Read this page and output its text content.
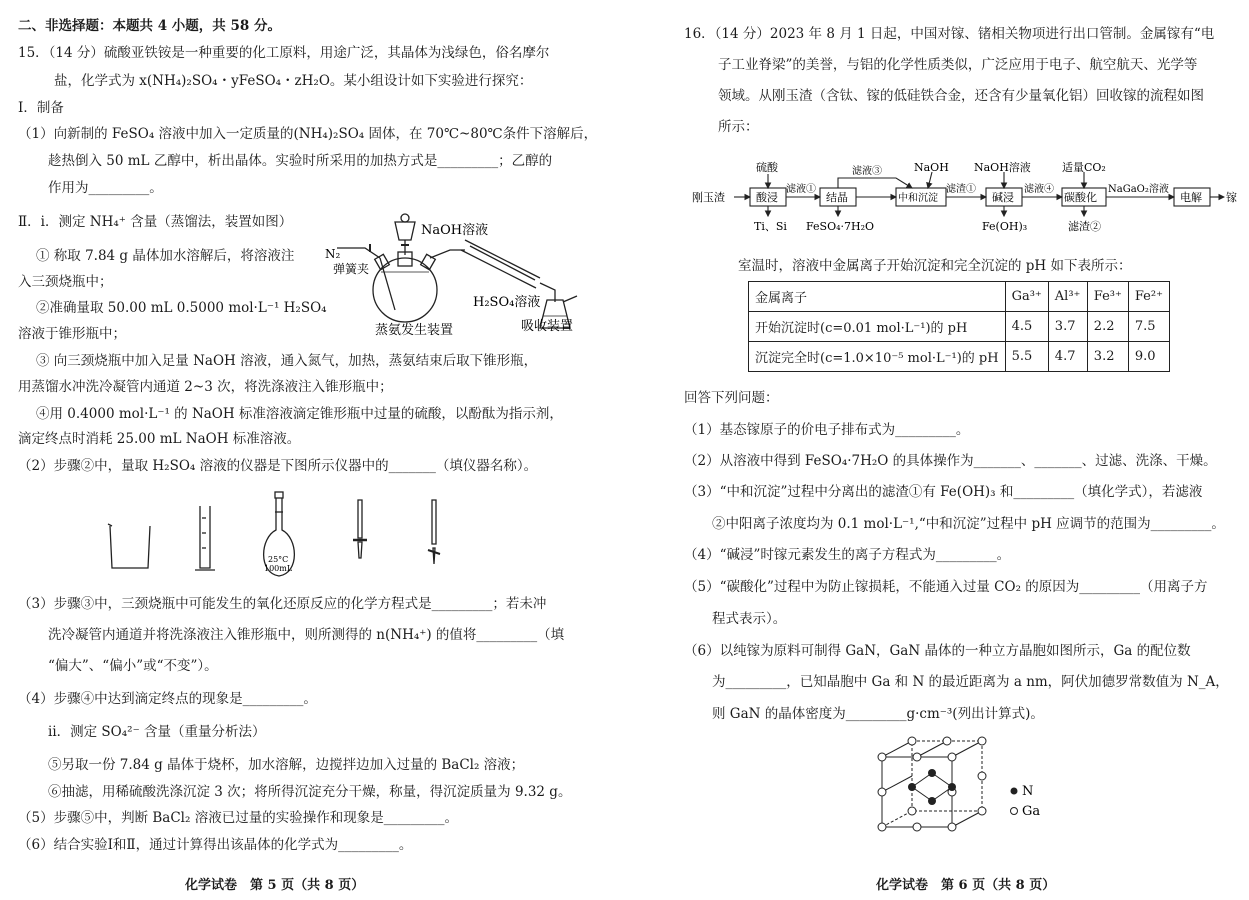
二、非选择题：本题共 4 小题，共 58 分。
15．（14 分）硫酸亚铁铵是一种重要的化工原料，用途广泛，其晶体为浅绿色，俗名摩尔
盐，化学式为 x(NH₄)₂SO₄・yFeSO₄・zH₂O。某小组设计如下实验进行探究：
Ⅰ．制备
（1）向新制的 FeSO₄ 溶液中加入一定质量的(NH₄)₂SO₄ 固体，在 70℃~80℃条件下溶解后，
趁热倒入 50 mL 乙醇中，析出晶体。实验时所采用的加热方式是_________；乙醇的
作用为_________。
Ⅱ．ⅰ．测定 NH₄⁺ 含量（蒸馏法，装置如图）
① 称取 7.84 g 晶体加水溶解后，将溶液注
入三颈烧瓶中；
②准确量取 50.00 mL 0.5000 mol·L⁻¹ H₂SO₄
溶液于锥形瓶中；
NaOH溶液
N₂
弹簧夹
H₂SO₄溶液
蒸氨发生装置	吸收装置
③ 向三颈烧瓶中加入足量 NaOH 溶液，通入氮气，加热，蒸氨结束后取下锥形瓶，
用蒸馏水冲洗冷凝管内通道 2~3 次，将洗涤液注入锥形瓶中；
④用 0.4000 mol·L⁻¹ 的 NaOH 标准溶液滴定锥形瓶中过量的硫酸，以酚酞为指示剂，
滴定终点时消耗 25.00 mL NaOH 标准溶液。
（2）步骤②中，量取 H₂SO₄ 溶液的仪器是下图所示仪器中的_______（填仪器名称）。
25°C
100mL
（3）步骤③中，三颈烧瓶中可能发生的氧化还原反应的化学方程式是_________；若未冲
洗冷凝管内通道并将洗涤液注入锥形瓶中，则所测得的 n(NH₄⁺) 的值将_________（填
“偏大”、“偏小”或“不变”）。
（4）步骤④中达到滴定终点的现象是_________。
ⅱ．测定 SO₄²⁻ 含量（重量分析法）
⑤另取一份 7.84 g 晶体于烧杯，加水溶解，边搅拌边加入过量的 BaCl₂ 溶液；
⑥抽滤，用稀硫酸洗涤沉淀 3 次；将所得沉淀充分干燥，称量，得沉淀质量为 9.32 g。
（5）步骤⑤中，判断 BaCl₂ 溶液已过量的实验操作和现象是_________。
（6）结合实验Ⅰ和Ⅱ，通过计算得出该晶体的化学式为_________。
化学试卷　第 5 页（共 8 页）
16．（14 分）2023 年 8 月 1 日起，中国对镓、锗相关物项进行出口管制。金属镓有“电
子工业脊梁”的美誉，与铝的化学性质类似，广泛应用于电子、航空航天、光学等
领域。从刚玉渣（含钛、镓的低硅铁合金，还含有少量氧化铝）回收镓的流程如图
所示：
刚玉渣
硫酸
酸浸
滤液①
结晶
滤液③	NaOH
中和沉淀
滤渣①
NaOH溶液
碱浸
滤液④
适量CO₂
碳酸化
NaGaO₂溶液
电解 镓
Ti、Si FeSO₄·7H₂O	Fe(OH)₃	滤渣②
室温时，溶液中金属离子开始沉淀和完全沉淀的 pH 如下表所示：
金属离子	Ga³⁺	Al³⁺	Fe³⁺	Fe²⁺
开始沉淀时(c=0.01 mol·L⁻¹)的 pH	4.5	3.7	2.2	7.5
沉淀完全时(c=1.0×10⁻⁵ mol·L⁻¹)的 pH	5.5	4.7	3.2	9.0
回答下列问题：
（1）基态镓原子的价电子排布式为_________。
（2）从溶液中得到 FeSO₄·7H₂O 的具体操作为_______、_______、过滤、洗涤、干燥。
（3）“中和沉淀”过程中分离出的滤渣①有 Fe(OH)₃ 和_________（填化学式），若滤液
②中阳离子浓度均为 0.1 mol·L⁻¹,“中和沉淀”过程中 pH 应调节的范围为_________。
（4）“碱浸”时镓元素发生的离子方程式为_________。
（5）“碳酸化”过程中为防止镓损耗，不能通入过量 CO₂ 的原因为_________（用离子方
程式表示）。
（6）以纯镓为原料可制得 GaN，GaN 晶体的一种立方晶胞如图所示，Ga 的配位数
为_________，已知晶胞中 Ga 和 N 的最近距离为 a nm，阿伏加德罗常数值为 N_A，
则 GaN 的晶体密度为_________g·cm⁻³(列出计算式)。
N
Ga
化学试卷　第 6 页（共 8 页）
